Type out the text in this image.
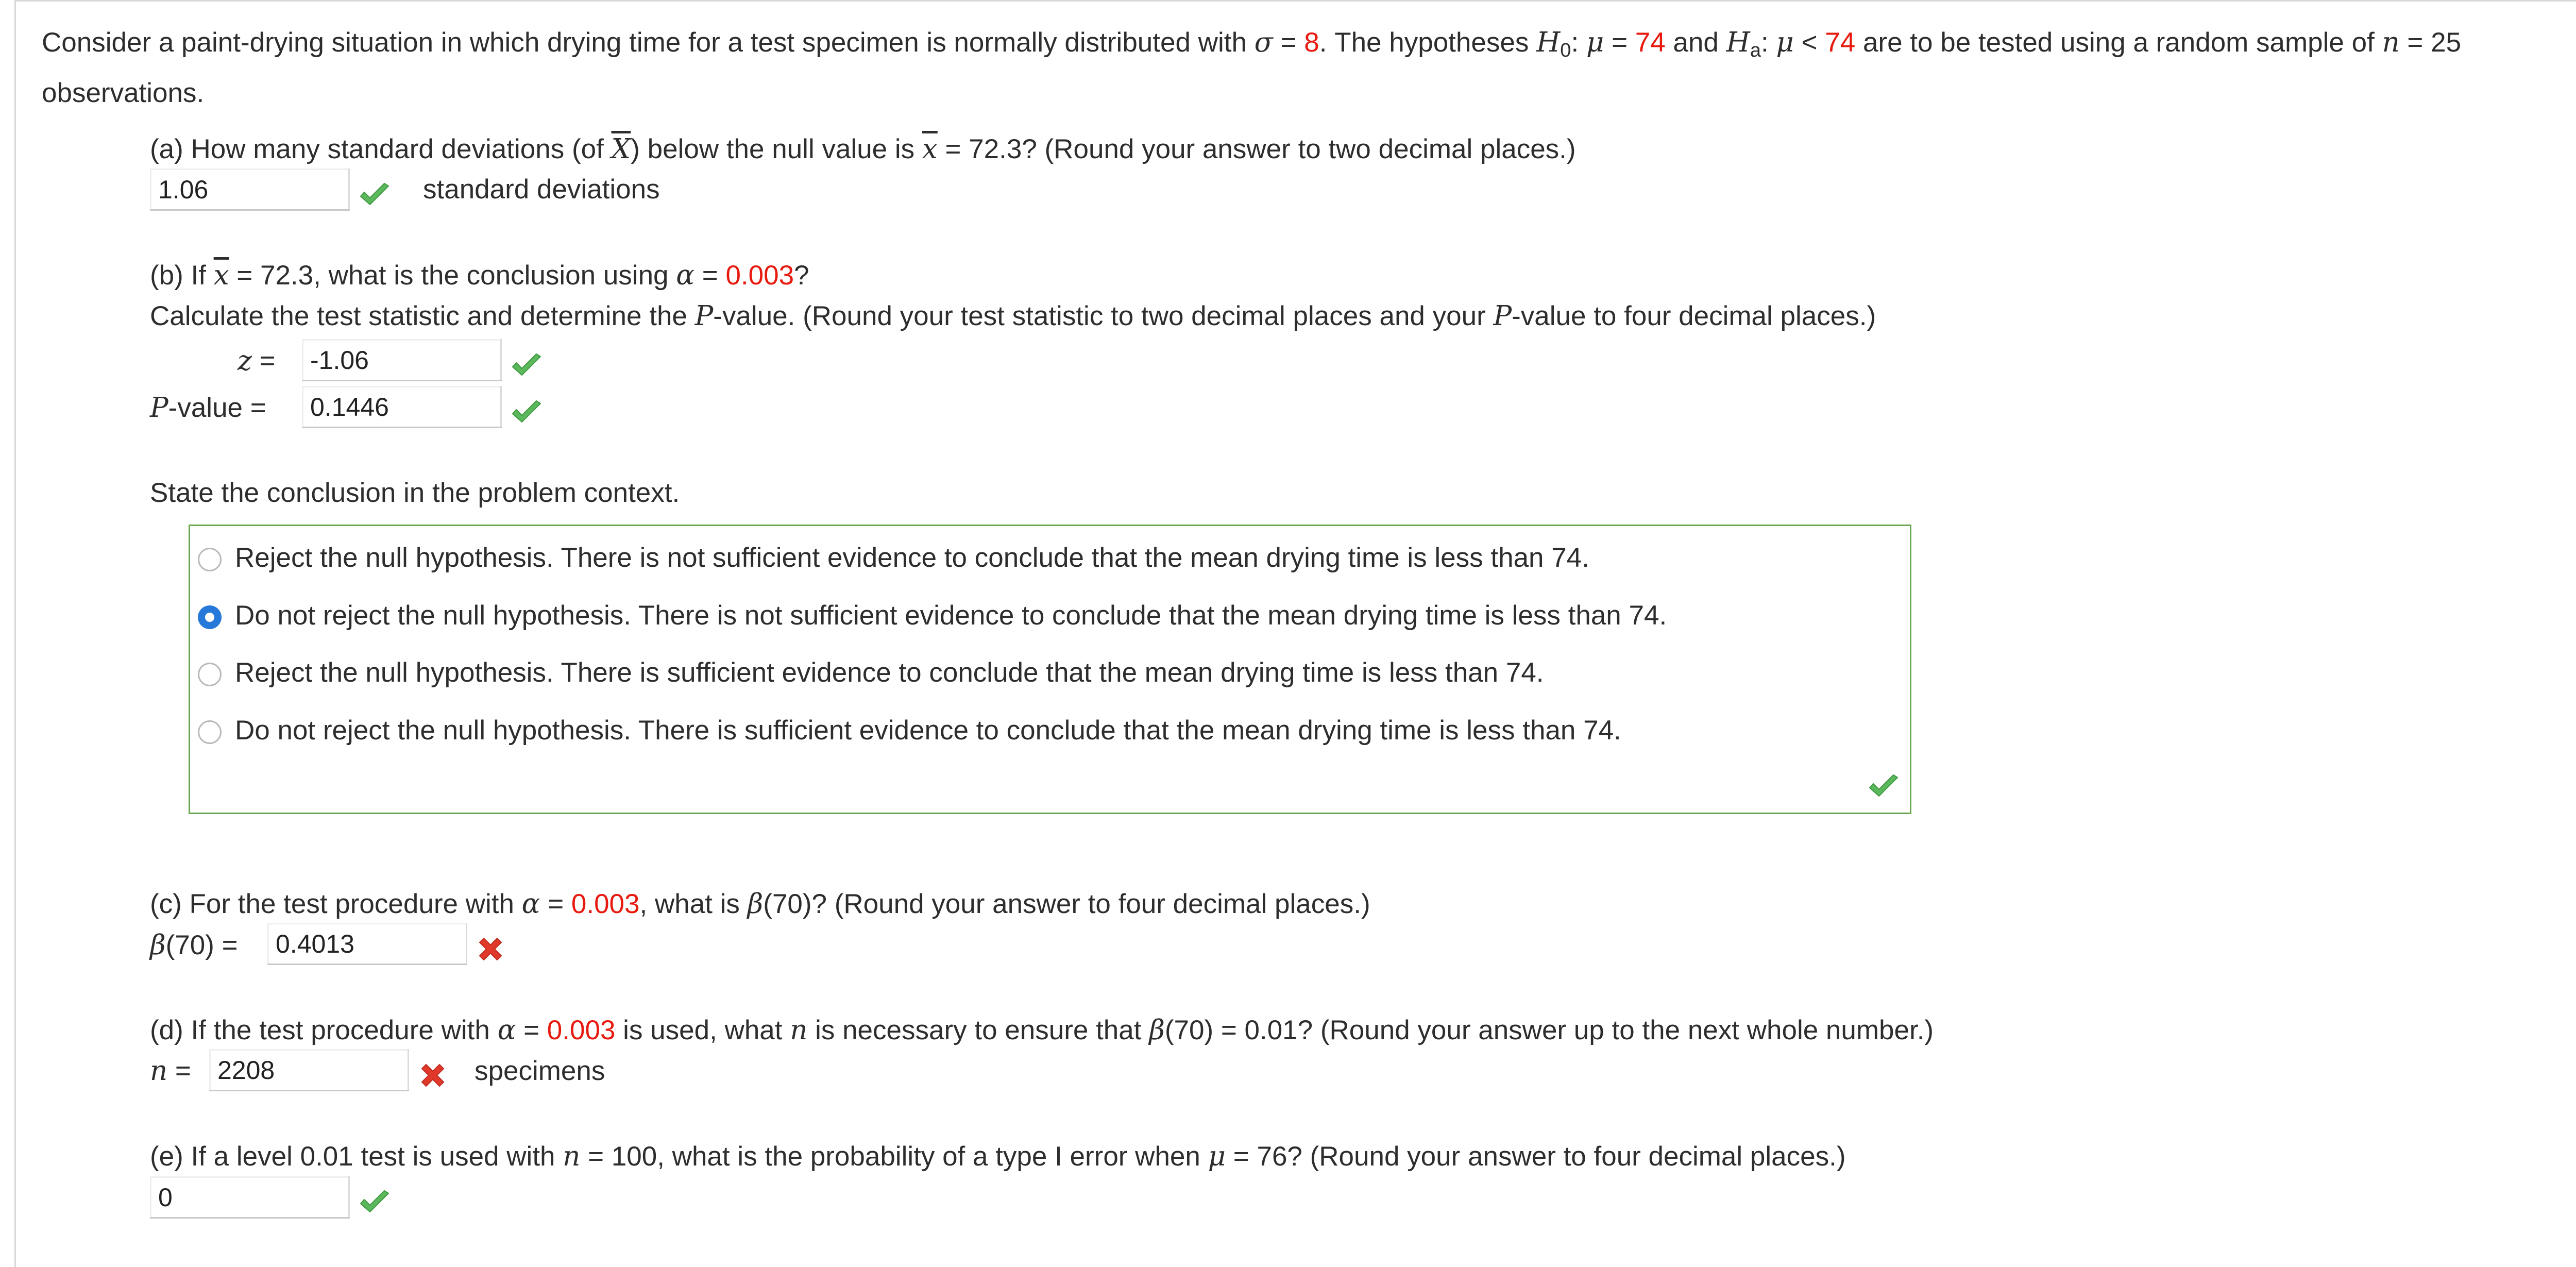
Consider a paint-drying situation in which drying time for a test specimen is normally distributed with σ = 8. The hypotheses $H_0$: μ = 74 and $H_a$: μ < 74 are to be tested using a random sample of n = 25
observations.
(a) How many standard deviations (of $\overline{X}$) below the null value is $\overline{x} = 72.3$? (Round your answer to two decimal places.)
1.06
standard deviations
(b) If $\overline{x} = 72.3$, what is the conclusion using α = 0.003?
Calculate the test statistic and determine the P-value. (Round your test statistic to two decimal places and your P-value to four decimal places.)
z =
-1.06
P-value =
0.1446
State the conclusion in the problem context.
Reject the null hypothesis. There is not sufficient evidence to conclude that the mean drying time is less than 74.
Do not reject the null hypothesis. There is not sufficient evidence to conclude that the mean drying time is less than 74.
Reject the null hypothesis. There is sufficient evidence to conclude that the mean drying time is less than 74.
Do not reject the null hypothesis. There is sufficient evidence to conclude that the mean drying time is less than 74.
(c) For the test procedure with α = 0.003, what is β(70)? (Round your answer to four decimal places.)
β(70) =
0.4013
(d) If the test procedure with α = 0.003 is used, what n is necessary to ensure that β(70) = 0.01? (Round your answer up to the next whole number.)
n =
2208	specimens
(e) If a level 0.01 test is used with n = 100, what is the probability of a type I error when μ = 76? (Round your answer to four decimal places.)
0
